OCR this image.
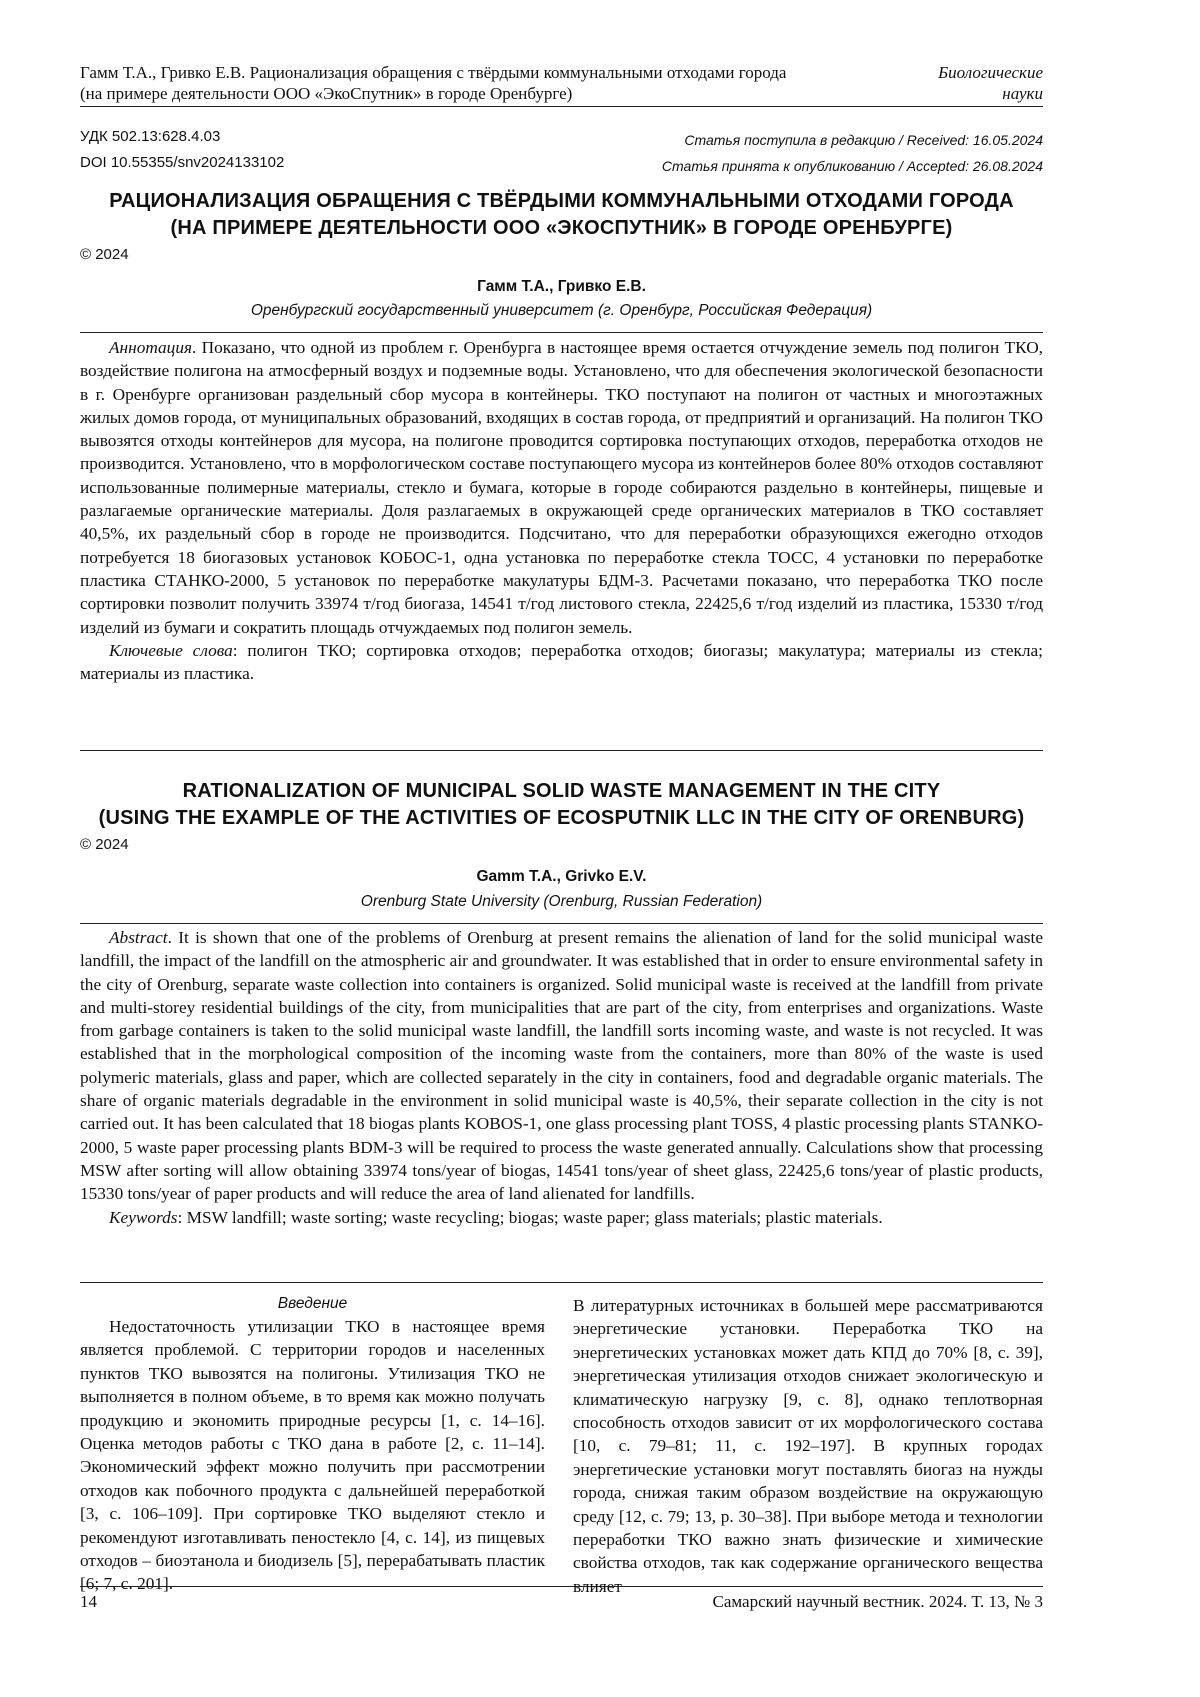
Гамм Т.А., Гривко Е.В. Рационализация обращения с твёрдыми коммунальными отходами города
(на примере деятельности ООО «ЭкоСпутник» в городе Оренбурге)
Биологические
науки
УДК 502.13:628.4.03
DOI 10.55355/snv2024133102
Статья поступила в редакцию / Received: 16.05.2024
Статья принята к опубликованию / Accepted: 26.08.2024
РАЦИОНАЛИЗАЦИЯ ОБРАЩЕНИЯ С ТВЁРДЫМИ КОММУНАЛЬНЫМИ ОТХОДАМИ ГОРОДА
(НА ПРИМЕРЕ ДЕЯТЕЛЬНОСТИ ООО «ЭКОСПУТНИК» В ГОРОДЕ ОРЕНБУРГЕ)
© 2024
Гамм Т.А., Гривко Е.В.
Оренбургский государственный университет (г. Оренбург, Российская Федерация)

Аннотация. Показано, что одной из проблем г. Оренбурга в настоящее время остается отчуждение земель под полигон ТКО, воздействие полигона на атмосферный воздух и подземные воды. Установлено, что для обеспечения экологической безопасности в г. Оренбурге организован раздельный сбор мусора в контейнеры. ТКО поступают на полигон от частных и многоэтажных жилых домов города, от муниципальных образований, входящих в состав города, от предприятий и организаций. На полигон ТКО вывозятся отходы контейнеров для мусора, на полигоне проводится сортировка поступающих отходов, переработка отходов не производится. Установлено, что в морфологическом составе поступающего мусора из контейнеров более 80% отходов составляют использованные полимерные материалы, стекло и бумага, которые в городе собираются раздельно в контейнеры, пищевые и разлагаемые органические материалы. Доля разлагаемых в окружающей среде органических материалов в ТКО составляет 40,5%, их раздельный сбор в городе не производится. Подсчитано, что для переработки образующихся ежегодно отходов потребуется 18 биогазовых установок КОБОС-1, одна установка по переработке стекла ТОСС, 4 установки по переработке пластика СТАНКО-2000, 5 установок по переработке макулатуры БДМ-3. Расчетами показано, что переработка ТКО после сортировки позволит получить 33974 т/год биогаза, 14541 т/год листового стекла, 22425,6 т/год изделий из пластика, 15330 т/год изделий из бумаги и сократить площадь отчуждаемых под полигон земель.

Ключевые слова: полигон ТКО; сортировка отходов; переработка отходов; биогазы; макулатура; материалы из стекла; материалы из пластика.

RATIONALIZATION OF MUNICIPAL SOLID WASTE MANAGEMENT IN THE CITY
(USING THE EXAMPLE OF THE ACTIVITIES OF ECOSPUTNIK LLC IN THE CITY OF ORENBURG)
© 2024
Gamm T.A., Grivko E.V.
Orenburg State University (Orenburg, Russian Federation)

Abstract. It is shown that one of the problems of Orenburg at present remains the alienation of land for the solid municipal waste landfill, the impact of the landfill on the atmospheric air and groundwater. It was established that in order to ensure environmental safety in the city of Orenburg, separate waste collection into containers is organized. Solid municipal waste is received at the landfill from private and multi-storey residential buildings of the city, from municipalities that are part of the city, from enterprises and organizations. Waste from garbage containers is taken to the solid municipal waste landfill, the landfill sorts incoming waste, and waste is not recycled. It was established that in the morphological composition of the incoming waste from the containers, more than 80% of the waste is used polymeric materials, glass and paper, which are collected separately in the city in containers, food and degradable organic materials. The share of organic materials degradable in the environment in solid municipal waste is 40,5%, their separate collection in the city is not carried out. It has been calculated that 18 biogas plants KOBOS-1, one glass processing plant TOSS, 4 plastic processing plants STANKO-2000, 5 waste paper processing plants BDM-3 will be required to process the waste generated annually. Calculations show that processing MSW after sorting will allow obtaining 33974 tons/year of biogas, 14541 tons/year of sheet glass, 22425,6 tons/year of plastic products, 15330 tons/year of paper products and will reduce the area of land alienated for landfills.

Keywords: MSW landfill; waste sorting; waste recycling; biogas; waste paper; glass materials; plastic materials.

Введение

Недостаточность утилизации ТКО в настоящее время является проблемой. С территории городов и населенных пунктов ТКО вывозятся на полигоны. Утилизация ТКО не выполняется в полном объеме, в то время как можно получать продукцию и экономить природные ресурсы [1, с. 14–16]. Оценка методов работы с ТКО дана в работе [2, с. 11–14]. Экономический эффект можно получить при рассмотрении отходов как побочного продукта с дальнейшей переработкой [3, с. 106–109]. При сортировке ТКО выделяют стекло и рекомендуют изготавливать пеностекло [4, с. 14], из пищевых отходов – биоэтанола и биодизель [5], перерабатывать пластик [6; 7, с. 201].

В литературных источниках в большей мере рассматриваются энергетические установки. Переработка ТКО на энергетических установках может дать КПД до 70% [8, с. 39], энергетическая утилизация отходов снижает экологическую и климатическую нагрузку [9, с. 8], однако теплотворная способность отходов зависит от их морфологического состава [10, с. 79–81; 11, с. 192–197]. В крупных городах энергетические установки могут поставлять биогаз на нужды города, снижая таким образом воздействие на окружающую среду [12, с. 79; 13, р. 30–38]. При выборе метода и технологии переработки ТКО важно знать физические и химические свойства отходов, так как содержание органического вещества влияет

14	Самарский научный вестник. 2024. Т. 13, № 3
